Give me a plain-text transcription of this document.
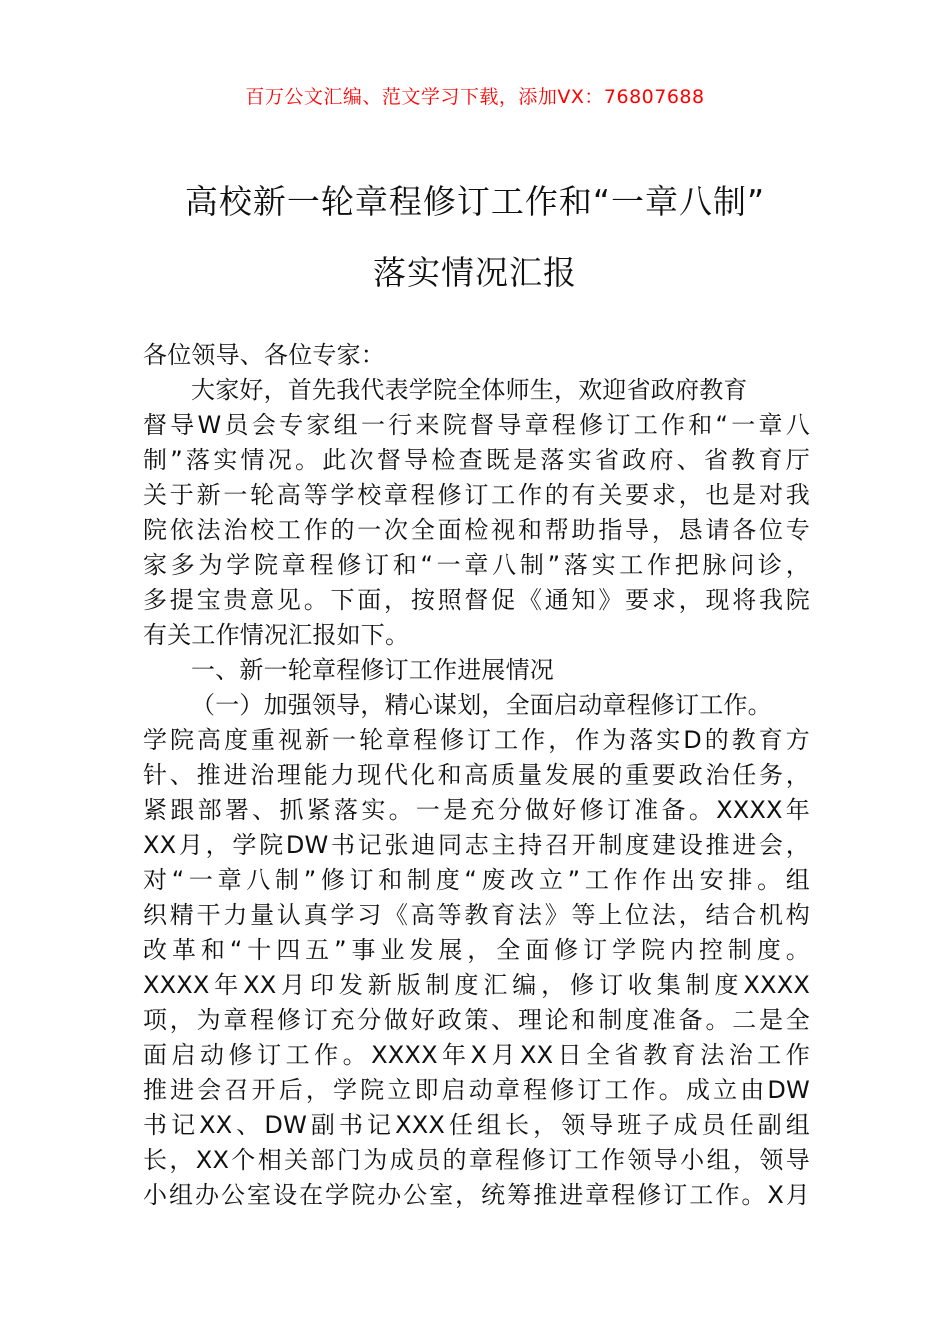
百万公文汇编、范文学习下载，添加VX：76807688
高校新一轮章程修订工作和“一章八制”
落实情况汇报
各位领导、各位专家：
大家好，首先我代表学院全体师生，欢迎省政府教育
督导W员会专家组一行来院督导章程修订工作和“一章八
制”落实情况。此次督导检查既是落实省政府、省教育厅
关于新一轮高等学校章程修订工作的有关要求，也是对我
院依法治校工作的一次全面检视和帮助指导，恳请各位专
家多为学院章程修订和“一章八制”落实工作把脉问诊，
多提宝贵意见。下面，按照督促《通知》要求，现将我院
有关工作情况汇报如下。
一、新一轮章程修订工作进展情况
（一）加强领导，精心谋划，全面启动章程修订工作。
学院高度重视新一轮章程修订工作，作为落实D的教育方
针、推进治理能力现代化和高质量发展的重要政治任务，
紧跟部署、抓紧落实。一是充分做好修订准备。XXXX年
XX月，学院DW书记张迪同志主持召开制度建设推进会，
对“一章八制”修订和制度“废改立”工作作出安排。组
织精干力量认真学习《高等教育法》等上位法，结合机构
改革和“十四五”事业发展，全面修订学院内控制度。
XXXX年XX月印发新版制度汇编，修订收集制度XXXX
项，为章程修订充分做好政策、理论和制度准备。二是全
面启动修订工作。XXXX年X月XX日全省教育法治工作
推进会召开后，学院立即启动章程修订工作。成立由DW
书记XX、DW副书记XXX任组长，领导班子成员任副组
长，XX个相关部门为成员的章程修订工作领导小组，领导
小组办公室设在学院办公室，统筹推进章程修订工作。X月
